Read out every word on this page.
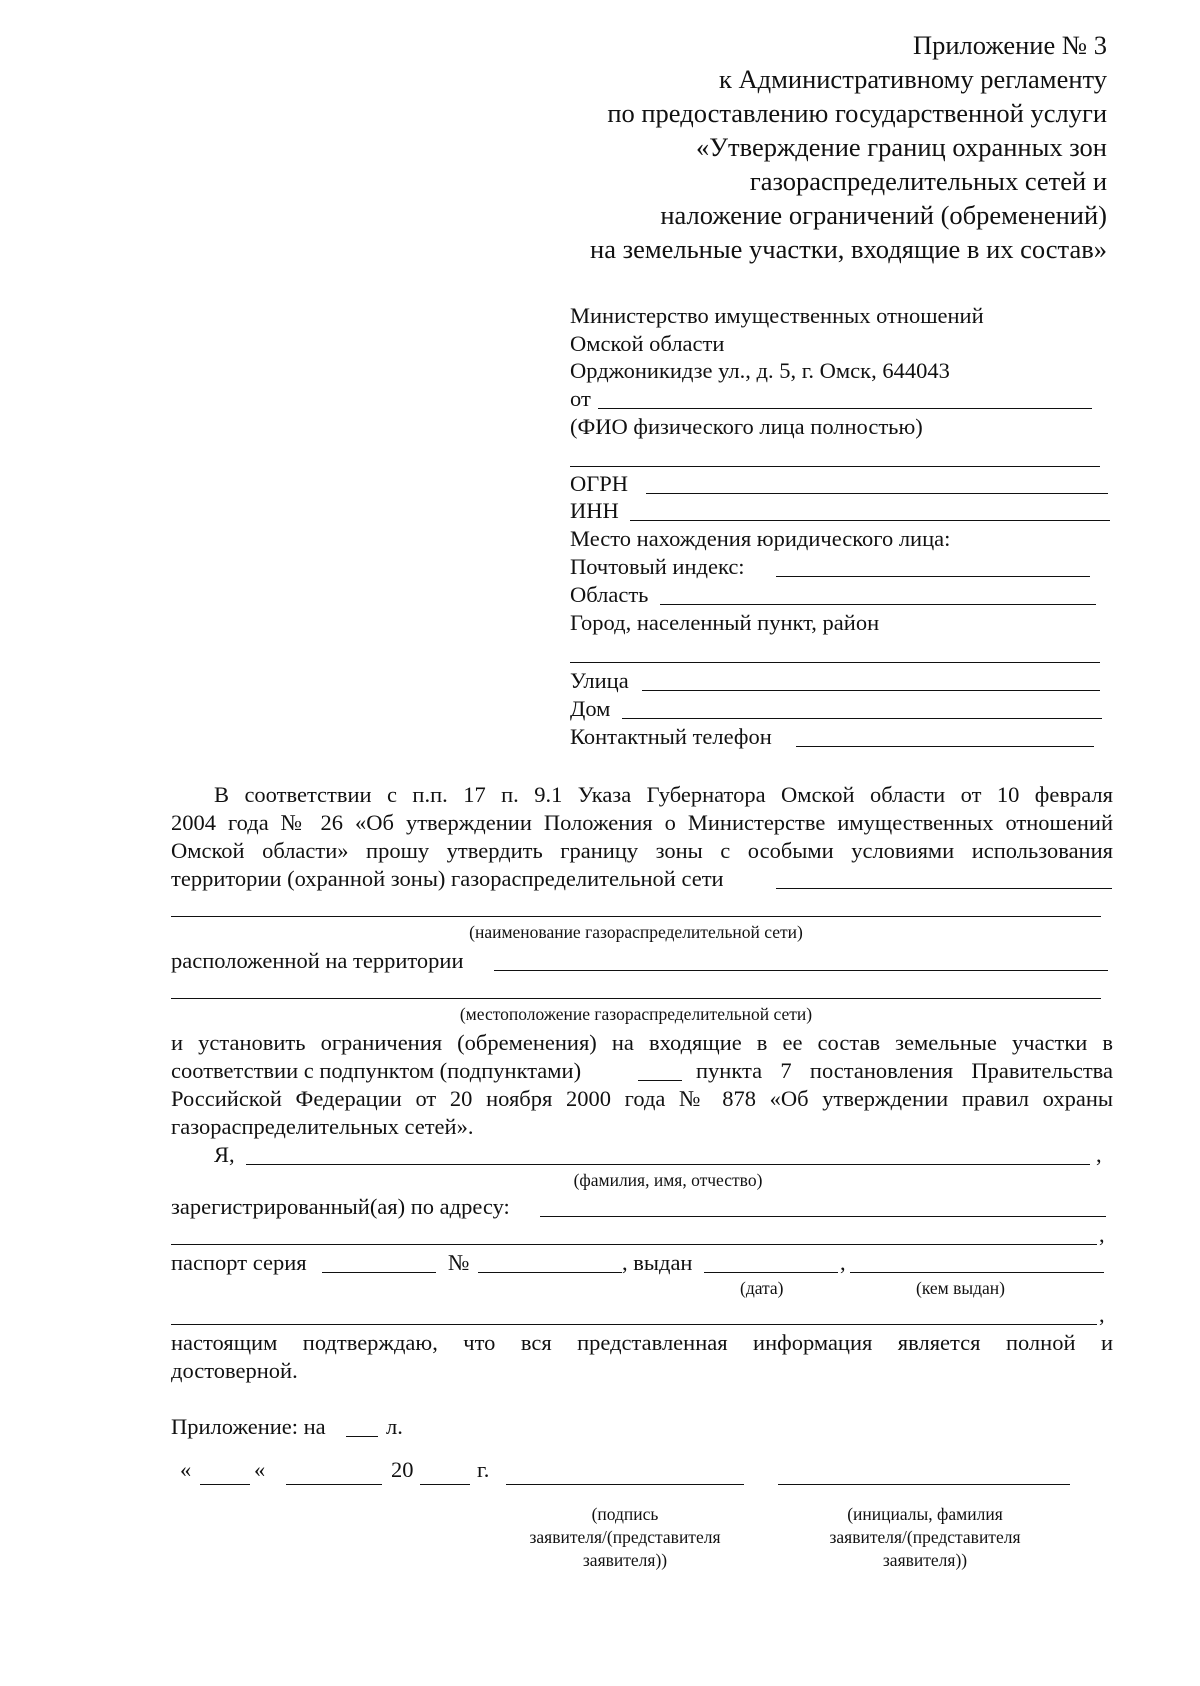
Приложение № 3
к Административному регламенту
по предоставлению государственной услуги
«Утверждение границ охранных зон
газораспределительных сетей и
наложение ограничений (обременений)
на земельные участки, входящие в их состав»
Министерство имущественных отношений
Омской области
Орджоникидзе ул., д. 5, г. Омск, 644043
от
(ФИО физического лица полностью)
ОГРН
ИНН
Место нахождения юридического лица:
Почтовый индекс:
Область
Город, населенный пункт, район
Улица
Дом
Контактный телефон
В соответствии с п.п. 17 п. 9.1 Указа Губернатора Омской области от 10 февраля
2004 года № 26 «Об утверждении Положения о Министерстве имущественных отношений
Омской области» прошу утвердить границу зоны с особыми условиями использования
территории (охранной зоны) газораспределительной сети
(наименование газораспределительной сети)
расположенной на территории
(местоположение газораспределительной сети)
и установить ограничения (обременения) на входящие в ее состав земельные участки в
соответствии с подпунктом (подпунктами)	пункта 7 постановления Правительства
Российской Федерации от 20 ноября 2000 года № 878 «Об утверждении правил охраны
газораспределительных сетей».
Я,	,
(фамилия, имя, отчество)
зарегистрированный(ая) по адресу:
,
паспорт серия	№	, выдан	,
(дата)	(кем выдан)
,
настоящим подтверждаю, что вся представленная информация является полной и
достоверной.
Приложение: на	л.
«	«	20	г.
(подпись
заявителя/(представителя
заявителя))
(инициалы, фамилия
заявителя/(представителя
заявителя))
